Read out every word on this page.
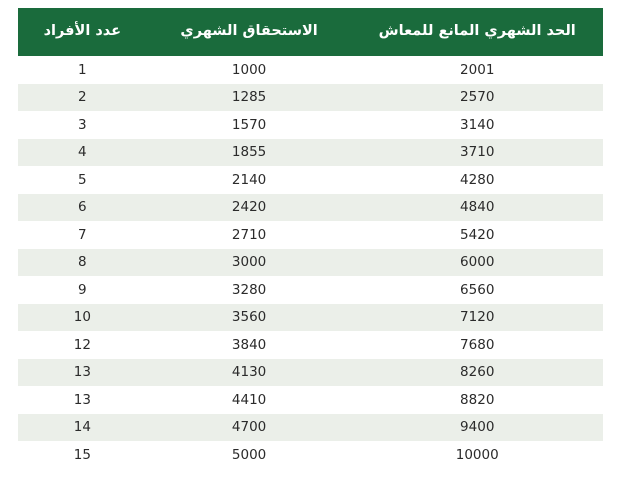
الحد الشهري المانع للمعاش	الاستحقاق الشهري	عدد الأفراد
2001	1000	1
2570	1285	2
3140	1570	3
3710	1855	4
4280	2140	5
4840	2420	6
5420	2710	7
6000	3000	8
6560	3280	9
7120	3560	10
7680	3840	12
8260	4130	13
8820	4410	13
9400	4700	14
10000	5000	15
